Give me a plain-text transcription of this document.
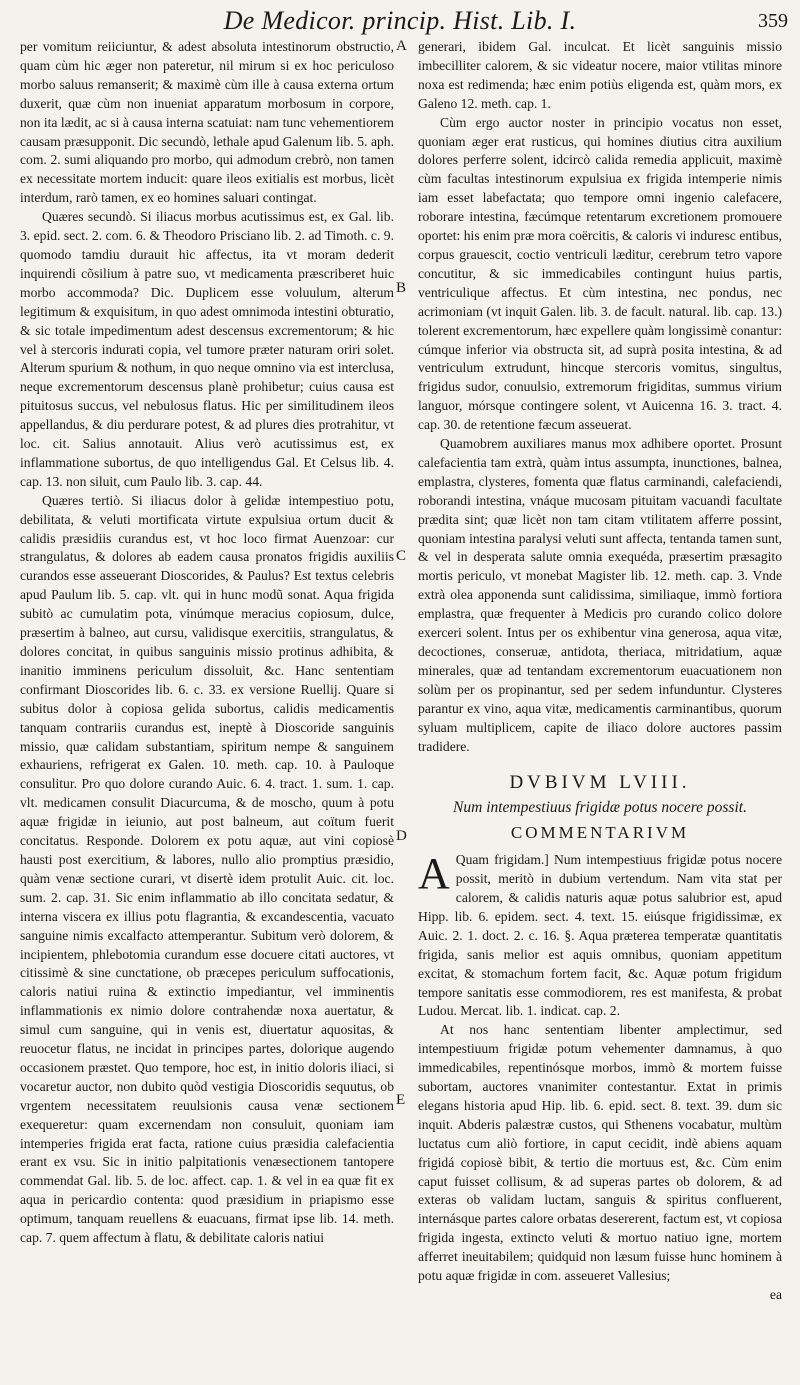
De Medicor. princip. Hist. Lib. I.	359
A
B
C
D
E

per vomitum reiiciuntur, & adest absoluta intestinorum obstructio, quam cùm hic æger non pateretur, nil mirum si ex hoc periculoso morbo saluus remanserit; & maximè cùm ille à causa externa ortum duxerit, quæ cùm non inueniat apparatum morbosum in corpore, non ita lædit, ac si à causa interna scatuiat: nam tunc vehementiorem causam præsupponit. Dic secundò, lethale apud Galenum lib. 5. aph. com. 2. sumi aliquando pro morbo, qui admodum crebrò, non tamen ex necessitate mortem inducit: quare ileos exitialis est morbus, licèt interdum, rarò tamen, ex eo homines saluari contingat.

Quæres secundò. Si iliacus morbus acutissimus est, ex Gal. lib. 3. epid. sect. 2. com. 6. & Theodoro Prisciano lib. 2. ad Timoth. c. 9. quomodo tamdiu durauit hic affectus, ita vt moram dederit inquirendi cõsilium à patre suo, vt medicamenta præscriberet huic morbo accommoda? Dic. Duplicem esse voluulum, alterum legitimum & exquisitum, in quo adest omnimoda intestini obturatio, & sic totale impedimentum adest descensus excrementorum; & hic vel à stercoris indurati copia, vel tumore præter naturam oriri solet. Alterum spurium & nothum, in quo neque omnino via est interclusa, neque excrementorum descensus planè prohibetur; cuius causa est pituitosus succus, vel nebulosus flatus. Hic per similitudinem ileos appellandus, & diu perdurare potest, & ad plures dies protrahitur, vt loc. cit. Salius annotauit. Alius verò acutissimus est, ex inflammatione subortus, de quo intelligendus Gal. Et Celsus lib. 4. cap. 13. non siluit, cum Paulo lib. 3. cap. 44.

Quæres tertiò. Si iliacus dolor à gelidæ intempestiuo potu, debilitata, & veluti mortificata virtute expulsiua ortum ducit & calidis præsidiis curandus est, vt hoc loco firmat Auenzoar: cur strangulatus, & dolores ab eadem causa pronatos frigidis auxiliis curandos esse asseuerant Dioscorides, & Paulus? Est textus celebris apud Paulum lib. 5. cap. vlt. qui in hunc modũ sonat. Aqua frigida subitò ac cumulatim pota, vinúmque meracius copiosum, dulce, præsertim à balneo, aut cursu, validisque exercitiis, strangulatus, & dolores concitat, in quibus sanguinis missio protinus adhibita, & inanitio imminens periculum dissoluit, &c. Hanc sententiam confirmant Dioscorides lib. 6. c. 33. ex versione Ruellij. Quare si subitus dolor à copiosa gelida subortus, calidis medicamentis tanquam contrariis curandus est, ineptè à Dioscoride sanguinis missio, quæ calidam substantiam, spiritum nempe & sanguinem exhauriens, refrigerat ex Galen. 10. meth. cap. 10. à Pauloque consulitur. Pro quo dolore curando Auic. 6. 4. tract. 1. sum. 1. cap. vlt. medicamen consulit Diacurcuma, & de moscho, quum à potu aquæ frigidæ in ieiunio, aut post balneum, aut coïtum fuerit concitatus. Responde. Dolorem ex potu aquæ, aut vini copiosè hausti post exercitium, & labores, nullo alio promptius præsidio, quàm venæ sectione curari, vt disertè idem protulit Auic. cit. loc. sum. 2. cap. 31. Sic enim inflammatio ab illo concitata sedatur, & interna viscera ex illius potu flagrantia, & excandescentia, vacuato sanguine nimis excalfacto attemperantur. Subitum verò dolorem, & incipientem, phlebotomia curandum esse docuere citati auctores, vt citissimè & sine cunctatione, ob præcepes periculum suffocationis, caloris natiui ruina & extinctio impediantur, vel imminentis inflammationis ex nimio dolore contrahendæ noxa auertatur, & simul cum sanguine, qui in venis est, diuertatur aquositas, & reuocetur flatus, ne incidat in principes partes, dolorique augendo occasionem præstet. Quo tempore, hoc est, in initio doloris iliaci, si vocaretur auctor, non dubito quòd vestigia Dioscoridis sequutus, ob vrgentem necessitatem reuulsionis causa venæ sectionem exequeretur: quam excernendam non consuluit, quoniam iam intemperies frigida erat facta, ratione cuius præsidia calefacientia erant ex vsu. Sic in initio palpitationis venæsectionem tantopere commendat Gal. lib. 5. de loc. affect. cap. 1. & vel in ea quæ fit ex aqua in pericardio contenta: quod præsidium in priapismo esse optimum, tanquam reuellens & euacuans, firmat ipse lib. 14. meth. cap. 7. quem affectum à flatu, & debilitate caloris natiui

generari, ibidem Gal. inculcat. Et licèt sanguinis missio imbecilliter calorem, & sic videatur nocere, maior vtilitas minore noxa est redimenda; hæc enim potiùs eligenda est, quàm mors, ex Galeno 12. meth. cap. 1.

Cùm ergo auctor noster in principio vocatus non esset, quoniam æger erat rusticus, qui homines diutius citra auxilium dolores perferre solent, idcircò calida remedia applicuit, maximè cùm facultas intestinorum expulsiua ex frigida intemperie nimis iam esset labefactata; quo tempore omni ingenio calefacere, roborare intestina, fæcúmque retentarum excretionem promouere oportet: his enim præ mora coërcitis, & caloris vi induresc entibus, corpus grauescit, coctio ventriculi læditur, cerebrum tetro vapore concutitur, & sic immedicabiles contingunt huius partis, ventriculique affectus. Et cùm intestina, nec pondus, nec acrimoniam (vt inquit Galen. lib. 3. de facult. natural. lib. cap. 13.) tolerent excrementorum, hæc expellere quàm longissimè conantur: cúmque inferior via obstructa sit, ad suprà posita intestina, & ad ventriculum extrudunt, hincque stercoris vomitus, singultus, frigidus sudor, conuulsio, extremorum frigiditas, summus virium languor, mórsque contingere solent, vt Auicenna 16. 3. tract. 4. cap. 30. de retentione fæcum asseuerat.

Quamobrem auxiliares manus mox adhibere oportet. Prosunt calefacientia tam extrà, quàm intus assumpta, inunctiones, balnea, emplastra, clysteres, fomenta quæ flatus carminandi, calefaciendi, roborandi intestina, vnáque mucosam pituitam vacuandi facultate prædita sint; quæ licèt non tam citam vtilitatem afferre possint, quoniam intestina paralysi veluti sunt affecta, tentanda tamen sunt, & vel in desperata salute omnia exequéda, præsertim præsagito mortis periculo, vt monebat Magister lib. 12. meth. cap. 3. Vnde extrà olea apponenda sunt calidissima, similiaque, immò fortiora emplastra, quæ frequenter à Medicis pro curando colico dolore exerceri solent. Intus per os exhibentur vina generosa, aqua vitæ, decoctiones, conseruæ, antidota, theriaca, mitridatium, aquæ minerales, quæ ad tentandam excrementorum euacuationem non solùm per os propinantur, sed per sedem infunduntur. Clysteres parantur ex vino, aqua vitæ, medicamentis carminantibus, quorum syluam multiplicem, capite de iliaco dolore auctores passim tradidere.

DVBIVM LVIII.
Num intempestiuus frigidæ potus nocere possit.
COMMENTARIVM

A Quam frigidam.] Num intempestiuus frigidæ potus nocere possit, meritò in dubium vertendum. Nam vita stat per calorem, & calidis naturis aquæ potus salubrior est, apud Hipp. lib. 6. epidem. sect. 4. text. 15. eiúsque frigidissimæ, ex Auic. 2. 1. doct. 2. c. 16. §. Aqua præterea temperatæ quantitatis frigida, sanis melior est aquis omnibus, quoniam appetitum excitat, & stomachum fortem facit, &c. Aquæ potum frigidum tempore sanitatis esse commodiorem, res est manifesta, & probat Ludou. Mercat. lib. 1. indicat. cap. 2.

At nos hanc sententiam libenter amplectimur, sed intempestiuum frigidæ potum vehementer damnamus, à quo immedicabiles, repentinósque morbos, immò & mortem fuisse subortam, auctores vnanimiter contestantur. Extat in primis elegans historia apud Hip. lib. 6. epid. sect. 8. text. 39. dum sic inquit. Abderis palæstræ custos, qui Sthenens vocabatur, multùm luctatus cum aliò fortiore, in caput cecidit, indè abiens aquam frigidá copiosè bibit, & tertio die mortuus est, &c. Cùm enim caput fuisset collisum, & ad superas partes ob dolorem, & ad exteras ob validam luctam, sanguis & spiritus confluerent, internásque partes calore orbatas desererent, factum est, vt copiosa frigida ingesta, extincto veluti & mortuo natiuo igne, mortem afferret ineuitabilem; quidquid non læsum fuisse hunc hominem à potu aquæ frigidæ in com. asseueret Vallesius;

ea
